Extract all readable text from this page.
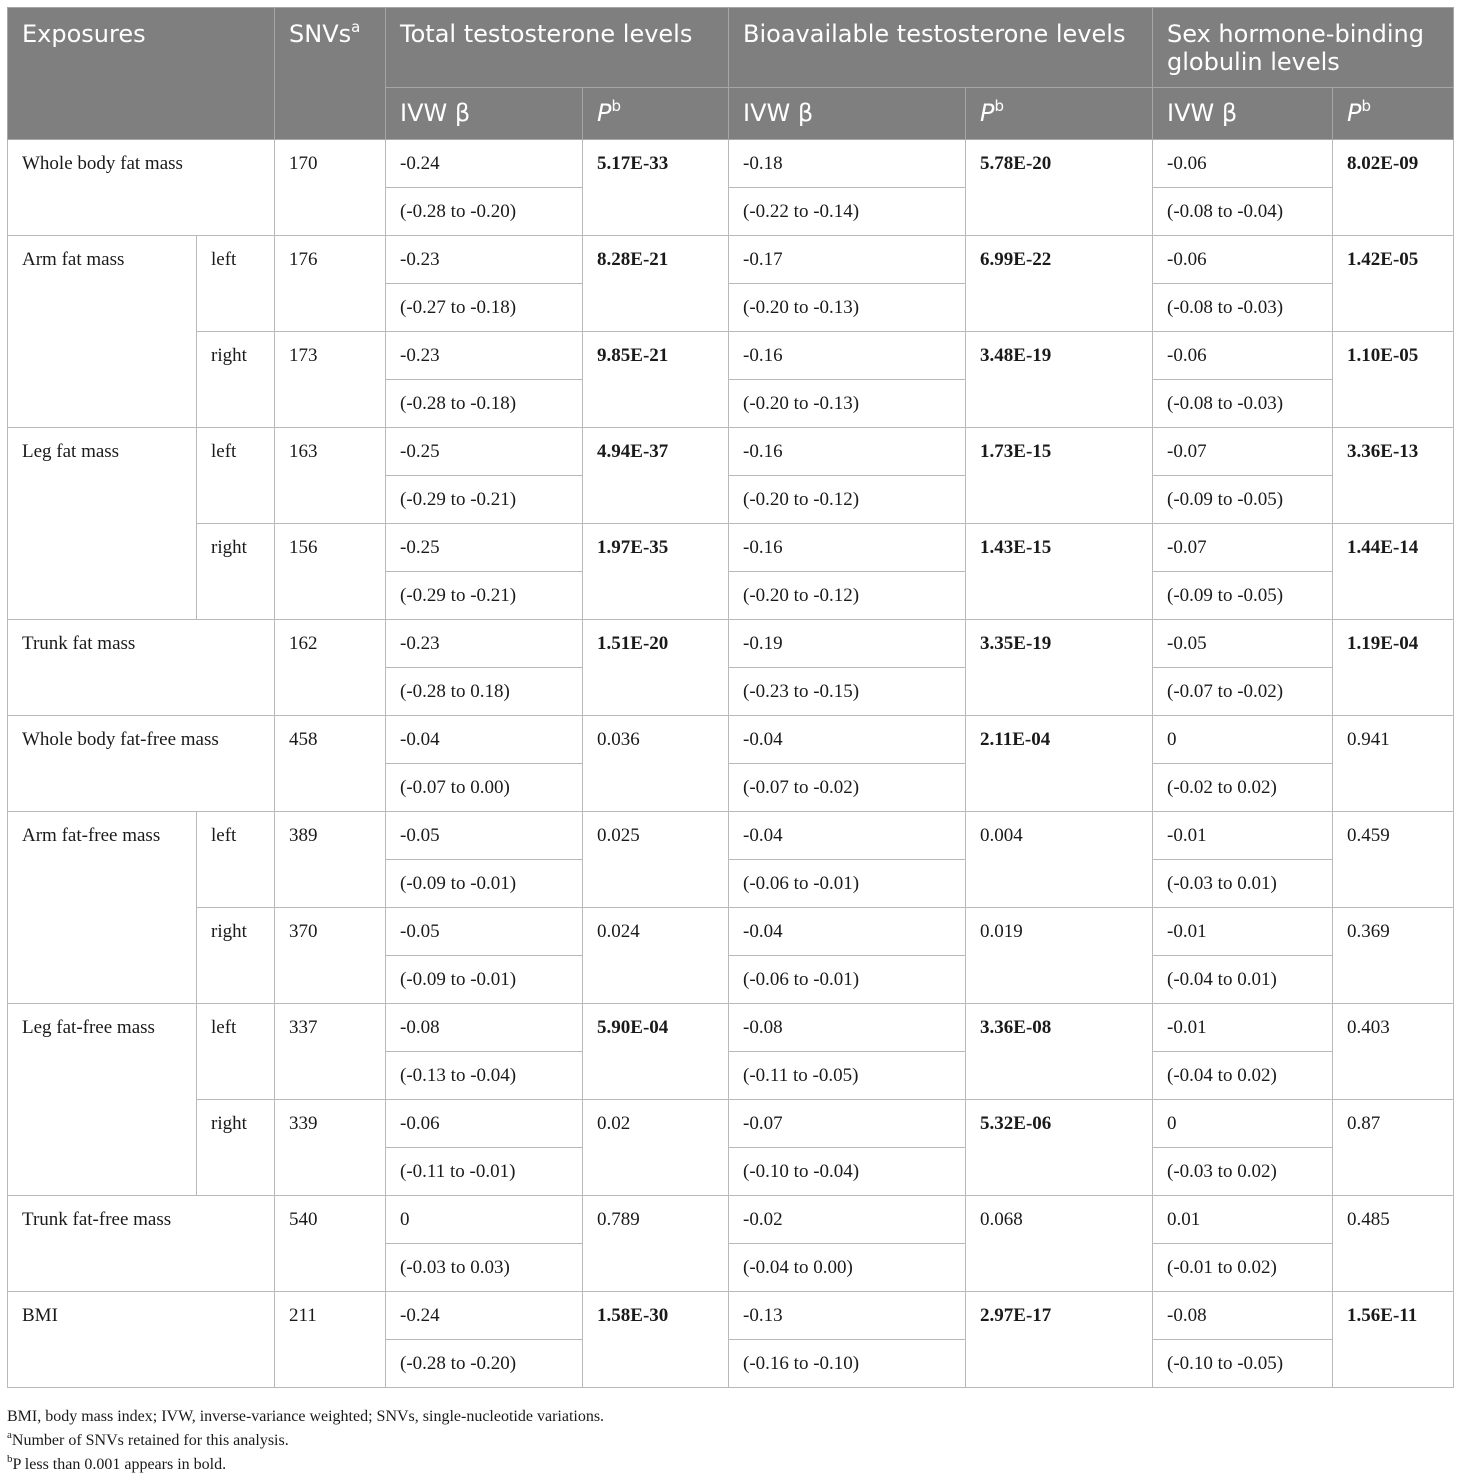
Exposures		SNVs$^a$	Total testosterone levels		Bioavailable testosterone levels		Sex hormone-binding globulin levels	
			IVW β	$P^b$	IVW β	$P^b$	IVW β	$P^b$
Whole body fat mass		170	-0.24	5.17E-33	-0.18	5.78E-20	-0.06	8.02E-09
			(-0.28 to -0.20)		(-0.22 to -0.14)		(-0.08 to -0.04)	
Arm fat mass	left	176	-0.23	8.28E-21	-0.17	6.99E-22	-0.06	1.42E-05
			(-0.27 to -0.18)		(-0.20 to -0.13)		(-0.08 to -0.03)	
	right	173	-0.23	9.85E-21	-0.16	3.48E-19	-0.06	1.10E-05
			(-0.28 to -0.18)		(-0.20 to -0.13)		(-0.08 to -0.03)	
Leg fat mass	left	163	-0.25	4.94E-37	-0.16	1.73E-15	-0.07	3.36E-13
			(-0.29 to -0.21)		(-0.20 to -0.12)		(-0.09 to -0.05)	
	right	156	-0.25	1.97E-35	-0.16	1.43E-15	-0.07	1.44E-14
			(-0.29 to -0.21)		(-0.20 to -0.12)		(-0.09 to -0.05)	
Trunk fat mass		162	-0.23	1.51E-20	-0.19	3.35E-19	-0.05	1.19E-04
			(-0.28 to 0.18)		(-0.23 to -0.15)		(-0.07 to -0.02)	
Whole body fat-free mass		458	-0.04	0.036	-0.04	2.11E-04	0	0.941
			(-0.07 to 0.00)		(-0.07 to -0.02)		(-0.02 to 0.02)	
Arm fat-free mass	left	389	-0.05	0.025	-0.04	0.004	-0.01	0.459
			(-0.09 to -0.01)		(-0.06 to -0.01)		(-0.03 to 0.01)	
	right	370	-0.05	0.024	-0.04	0.019	-0.01	0.369
			(-0.09 to -0.01)		(-0.06 to -0.01)		(-0.04 to 0.01)	
Leg fat-free mass	left	337	-0.08	5.90E-04	-0.08	3.36E-08	-0.01	0.403
			(-0.13 to -0.04)		(-0.11 to -0.05)		(-0.04 to 0.02)	
	right	339	-0.06	0.02	-0.07	5.32E-06	0	0.87
			(-0.11 to -0.01)		(-0.10 to -0.04)		(-0.03 to 0.02)	
Trunk fat-free mass		540	0	0.789	-0.02	0.068	0.01	0.485
			(-0.03 to 0.03)		(-0.04 to 0.00)		(-0.01 to 0.02)	
BMI		211	-0.24	1.58E-30	-0.13	2.97E-17	-0.08	1.56E-11
			(-0.28 to -0.20)		(-0.16 to -0.10)		(-0.10 to -0.05)	
BMI, body mass index; IVW, inverse-variance weighted; SNVs, single-nucleotide variations.
$^a$Number of SNVs retained for this analysis.
$^b$P less than 0.001 appears in bold.
